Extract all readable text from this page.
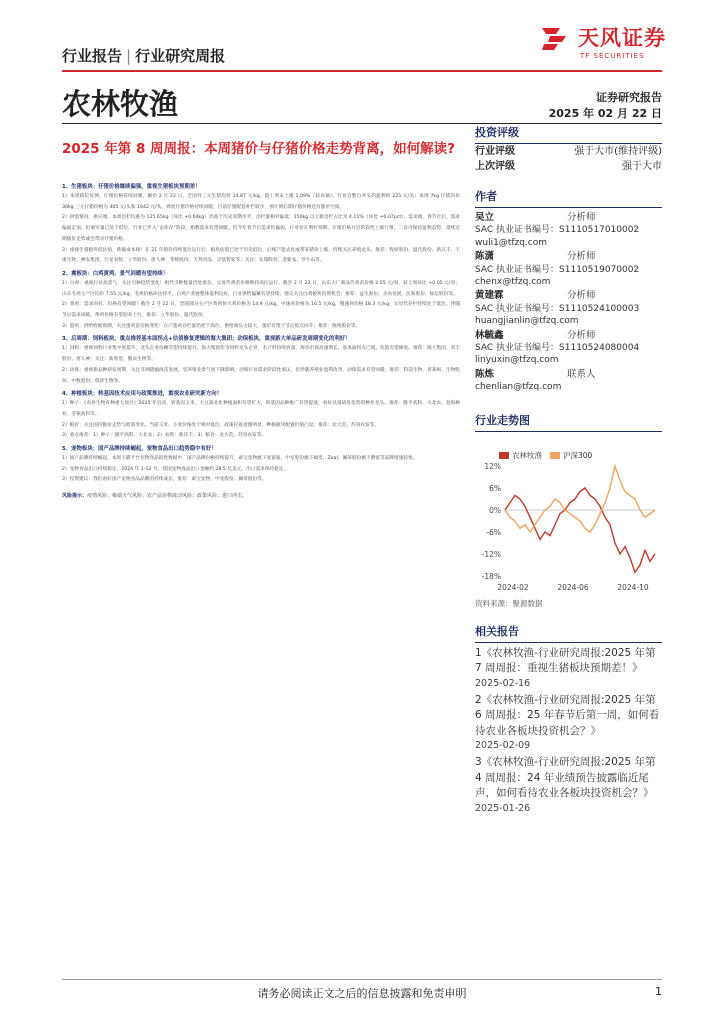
天风证券
TF SECURITIES
行业报告 | 行业研究周报
农林牧渔	证券研究报告
2025 年 02 月 22 日
2025 年第 8 周周报：本周猪价与仔猪价格走势背离，如何解读?
1、生猪板块：仔猪价格继续偏强，重视生猪板块预期差！

1）本周猪价反弹，仔猪价格持续回暖。截至 2 月 22 日，全国外三元生猪均价 14.87 元/kg，较上周末上涨 1.09%（较农通）。行业自繁自养头均盈利约 225 元/头；本周 7kg 仔猪均价 30kg 三元仔猪价格为 405 元/头和 1642 元/头，周度仔猪价格持续回暖，目前仔猪配套补栏较少，预计明后期仔猪价格还有涨价空间。

2）供需情况：供应端，本周出栏均重为 125.65kg（环比 +0.64kg）仍高于历史同期水平，出栏量相对偏低；150kg 以上猪出栏占比为 4.11%（环比 +0.07pct），需求端，春节过后，需求偏弱走弱，但屠宰量已处于低位，行业已步入“去库存”阶段，指数需求有望回暖。但今年春节后需求仍偏弱，行业存在利好预期，仔猪价格开启阶段性上涨行情，二育可保持盈利态势，延续近期猪价走势或会带动仔猪价格。

3）重视生猪板块低估值，跌破成本线！在 21 年猪价持续低位运行后，板块估值已处于历史低位，后续产能去化或带来猪价上涨，持续关注养殖龙头。推荐：牧原股份、温氏股份、新五丰、天康生物、神农集团、巨星农牧、立华股份、唐人神、华统股份、天邦食品、京基智农等；关注：东瑞股份、金新农、罗牛山等。

2、禽板块：白鸡黄鸡，景气回暖有望持续！

1）白鸡：重视行业高景气，关注引种趋势变化！祖代引种数量仍处低位，父母代鸡苗价格维持高位运行。截至 2 月 22 日，山东大厂商品代鸡苗价格 2.55 元/羽，较上周环比 +0.05 元/羽；山东毛鸡主产区均价 7.55 元/kg，毛鸡价格环比持平，白鸡产业链整体盈利良好，行业供给偏紧有望持续，建议关注白鸡板块投资机会；推荐：益生股份、圣农发展、民和股份、仙坛股份等。

2）黄鸡：需求向好，价格有望回暖！截至 2 月 22 日，全国部分主产区黄鸡快大鸡价格为 14.9 元/kg，中速鸡价格为 16.5 元/kg，慢速鸡价格 18.3 元/kg，父母代存栏持续处于低位，伴随节后需求回暖，黄鸡价格有望迎来上行，推荐：立华股份、温氏股份。

3）蛋鸡：供给收缩预期，关注蛋鸡苗价格变化！在产蛋鸡存栏量仍处于高位，供给端压力较大，蛋价有望于节后低点回升；推荐：晓鸣股份等。

3、后周期：饲料板块，重点推荐基本面拐点+估值修复逻辑的海大集团；动保板块，重视新大单品研发周期变化的利好！

1）饲料：重视饲料行业集中度提升，龙头企业份额有望持续提升。海大集团作为饲料龙头企业，水产料持续放量，海外市场高速增长，基本面拐点已现，估值有望修复。推荐：海大集团、禾丰股份、唐人神；关注：新希望、傲农生物等。

2）动保：重视新品种研发周期，关注非洲猪瘟疫苗进展。受养殖业景气度下降影响，动保行业需求阶段性承压，但伴随养殖业盈利改善，动保需求有望回暖；推荐：科前生物、普莱柯、生物股份、中牧股份、瑞普生物等。

4、种植板块：转基因技术应用与政策推进，重视农业研究新方向！

1）种子：《农业生物育种重大项目》2025 年启动，转基因玉米、大豆商业化种植面积有望扩大，转基因品种推广有望提速，看好具备研发优势的种业龙头。推荐：隆平高科、大北农、登海种业、荃银高科等。

2）粮价：关注国内粮价走势与政策变化。当前玉米、小麦价格处于相对低位，政策托底意图明显，种植板块配置价值凸显；推荐：北大荒、苏垦农发等。

3）重点推荐：1）种子：隆平高科、大北农；2）农资：新洋丰；3）粮食：北大荒、苏垦农发等。

5、宠物板块：国产品牌持续崛起，宠物食品出口趋势稳中有好！

1）国产品牌持续崛起。本周天猫平台宠物食品销售数据中，国产品牌份额持续提升，乖宝宠物旗下麦富迪，中宠股份旗下顽皮、Zeal，佩蒂股份旗下爵宴等品牌增速较快。

2）宠物食品出口持续稳定，2024 年 1-12 月，我国宠物食品出口金额约 28.5 亿美元，出口需求保持稳定。

3）投资建议：我们看好国产宠物食品品牌的持续成长，推荐：乖宝宠物、中宠股份、佩蒂股份等。

风险提示：疫情风险；极端天气风险；农产品价格波动风险；政策风险；进口冲击。
投资评级
行业评级	强于大市(维持评级)
上次评级	强于大市
作者
吴立	分析师
SAC 执业证书编号：S1110517010002
wuli1@tfzq.com
陈潇	分析师
SAC 执业证书编号：S1110519070002
chenx@tfzq.com
黄建霖	分析师
SAC 执业证书编号：S1110524100003
huangjianlin@tfzq.com
林毓鑫	分析师
SAC 执业证书编号：S1110524080004
linyuxin@tfzq.com
陈炼	联系人
chenlian@tfzq.com
行业走势图
12%
6%
0%
-6%
-12%
-18%
2024-02	2024-06	2024-10
农林牧渔	沪深300
资料来源：聚源数据
相关报告
1《农林牧渔-行业研究周报:2025 年第 7 周周报：重视生猪板块预期差！》
2025-02-16
2《农林牧渔-行业研究周报:2025 年第 6 周周报：25 年春节后第一周，如何看待农业各板块投资机会？》
2025-02-09
3《农林牧渔-行业研究周报:2025 年第 4 周周报：24 年业绩预告披露临近尾声，如何看待农业各板块投资机会？》
2025-01-26
请务必阅读正文之后的信息披露和免责申明	1
